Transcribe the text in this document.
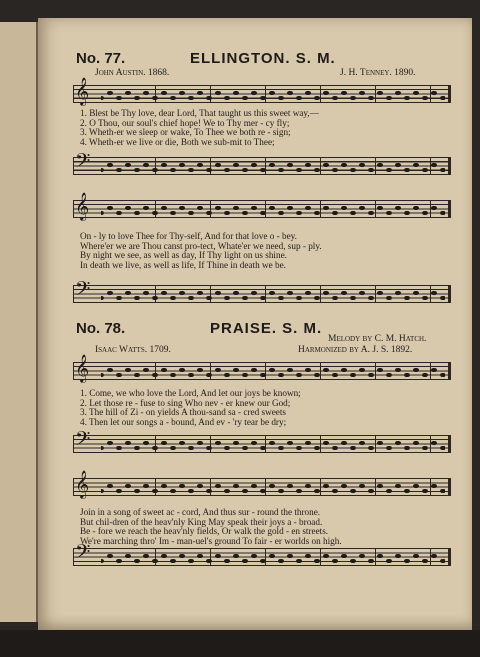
No. 77.	ELLINGTON. S. M.
John Austin. 1868.	J. H. Tenney. 1890.
𝄞
1. Blest be Thy love, dear Lord, That taught us this sweet way,—
2. O Thou, our soul's chief hope! We to Thy mer - cy fly;
3. Wheth-er we sleep or wake, To Thee we both re - sign;
4. Wheth-er we live or die, Both we sub-mit to Thee;
𝄢
𝄞
On - ly to love Thee for Thy-self, And for that love o - bey.
Where'er we are Thou canst pro-tect, Whate'er we need, sup - ply.
By night we see, as well as day, If Thy light on us shine.
In death we live, as well as life, If Thine in death we be.
𝄢
No. 78.	PRAISE. S. M.
Melody by C. M. Hatch.
Isaac Watts. 1709.	Harmonized by A. J. S. 1892.
𝄞
1. Come, we who love the Lord, And let our joys be known;
2. Let those re - fuse to sing Who nev - er knew our God;
3. The hill of Zi - on yields A thou-sand sa - cred sweets
4. Then let our songs a - bound, And ev - 'ry tear be dry;
𝄢
𝄞
Join in a song of sweet ac - cord, And thus sur - round the throne.
But chil-dren of the heav'nly King May speak their joys a - broad.
Be - fore we reach the heav'nly fields, Or walk the gold - en streets.
We're marching thro' Im - man-uel's ground To fair - er worlds on high.
𝄢
